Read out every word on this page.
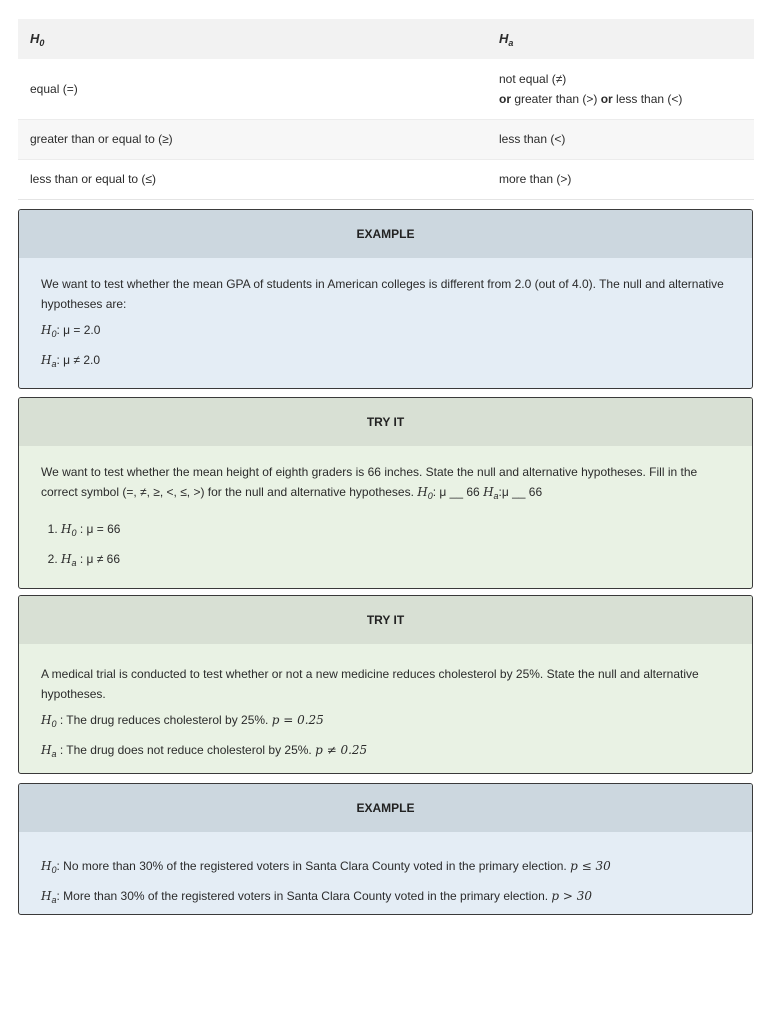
$H_0$	$H_a$
equal (=)	not equal (≠)
or greater than (>) or less than (<)

greater than or equal to (≥)	less than (<)
less than or equal to (≤)	more than (>)
EXAMPLE

We want to test whether the mean GPA of students in American colleges is different from 2.0 (out of 4.0). The null and alternative hypotheses are:

$H_0$: μ = 2.0

$H_a$: μ ≠ 2.0

TRY IT

We want to test whether the mean height of eighth graders is 66 inches. State the null and alternative hypotheses. Fill in the correct symbol (=, ≠, ≥, <, ≤, >) for the null and alternative hypotheses. $H_0$: μ __ 66 $H_a:\mu$ __ 66

1. $H_0$ : μ = 66
2. $H_a$ : μ ≠ 66
TRY IT

A medical trial is conducted to test whether or not a new medicine reduces cholesterol by 25%. State the null and alternative hypotheses.

$H_0$ : The drug reduces cholesterol by 25%. p = 0.25

$H_a$ : The drug does not reduce cholesterol by 25%. p ≠ 0.25

EXAMPLE

$H_0$: No more than 30% of the registered voters in Santa Clara County voted in the primary election. p ≤ 30

$H_a$: More than 30% of the registered voters in Santa Clara County voted in the primary election. p > 30
